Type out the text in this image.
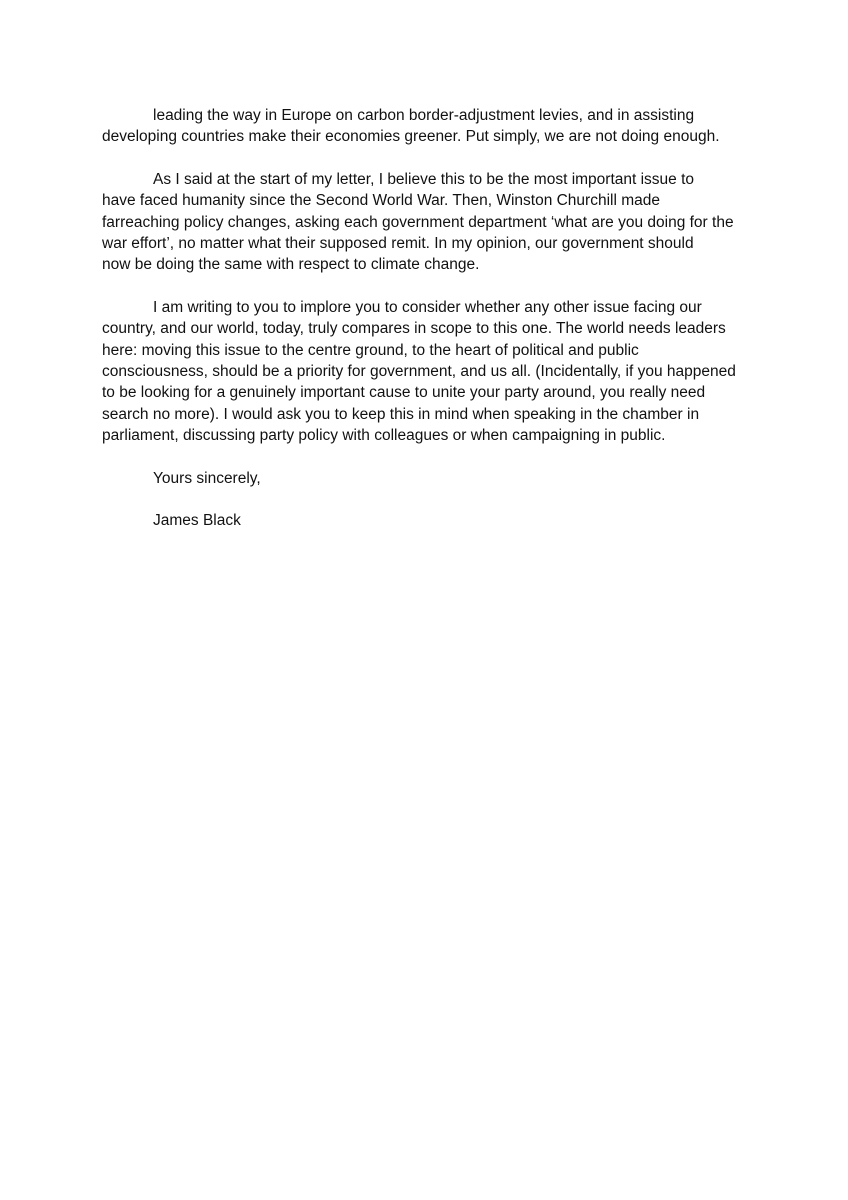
leading the way in Europe on carbon border-adjustment levies, and in assisting
developing countries make their economies greener. Put simply, we are not doing enough.
As I said at the start of my letter, I believe this to be the most important issue to
have faced humanity since the Second World War. Then, Winston Churchill made
farreaching policy changes, asking each government department ‘what are you doing for the
war effort’, no matter what their supposed remit. In my opinion, our government should
now be doing the same with respect to climate change.
I am writing to you to implore you to consider whether any other issue facing our
country, and our world, today, truly compares in scope to this one. The world needs leaders
here: moving this issue to the centre ground, to the heart of political and public
consciousness, should be a priority for government, and us all. (Incidentally, if you happened
to be looking for a genuinely important cause to unite your party around, you really need
search no more). I would ask you to keep this in mind when speaking in the chamber in
parliament, discussing party policy with colleagues or when campaigning in public.
Yours sincerely,
James Black
